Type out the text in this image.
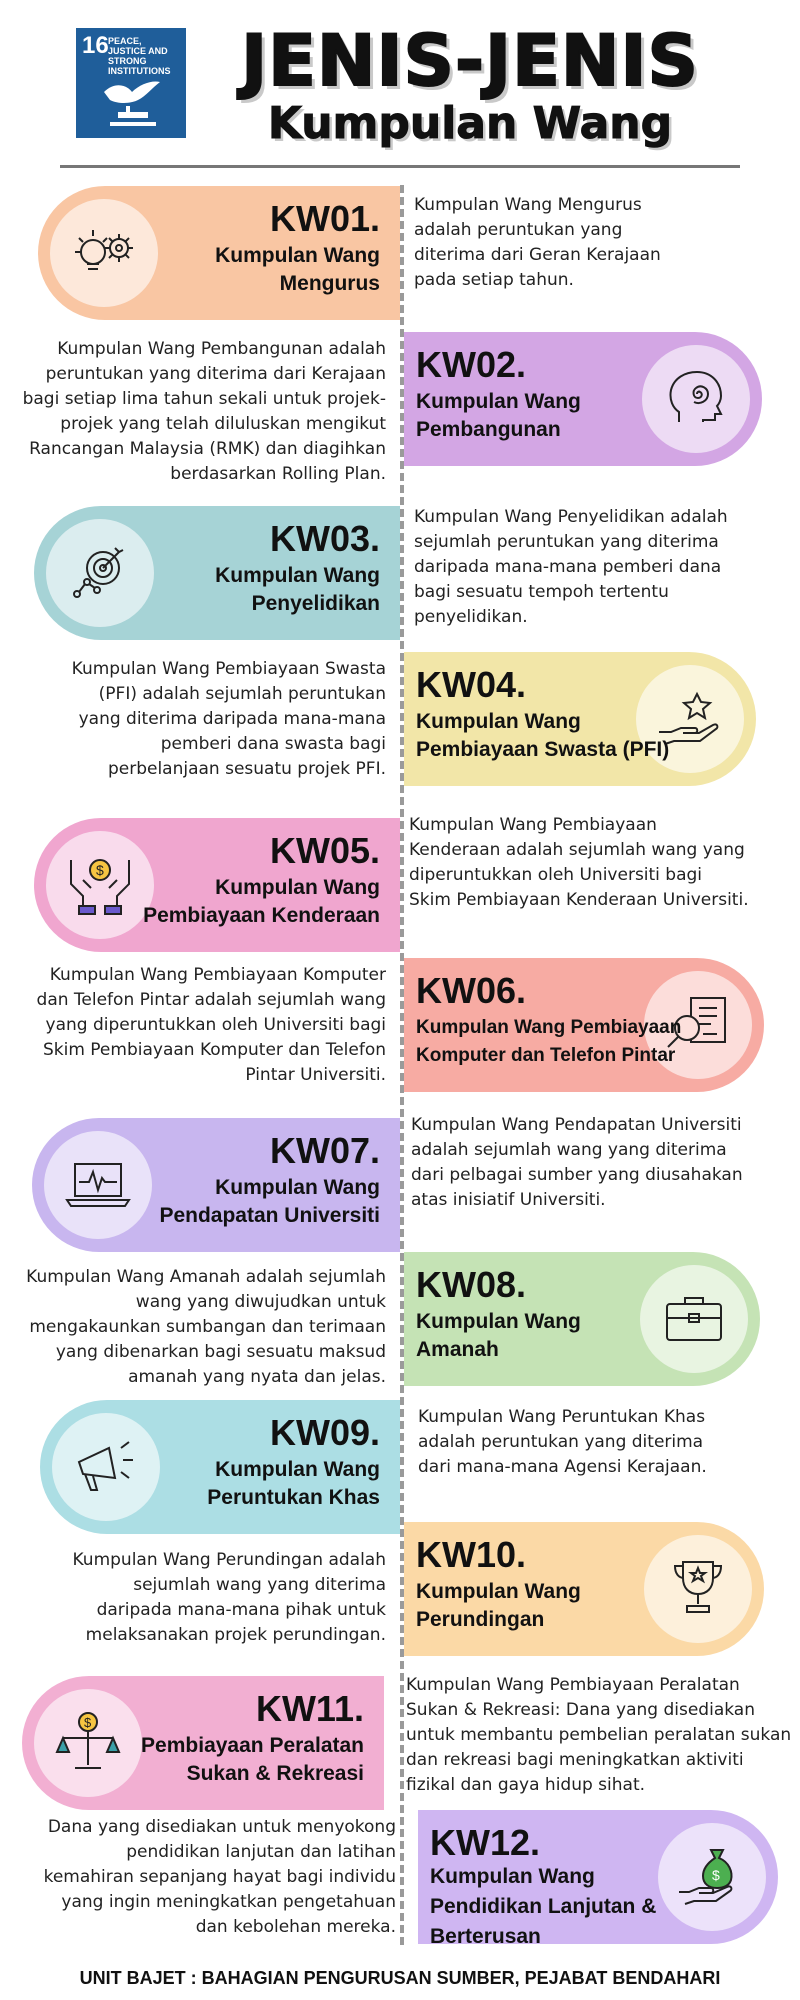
16 PEACE, JUSTICE AND STRONG INSTITUTIONS	JENIS-JENIS
Kumpulan Wang
KW01.
Kumpulan Wang
Mengurus
Kumpulan Wang Mengurus adalah peruntukan yang diterima dari Geran Kerajaan pada setiap tahun.
KW02.
Kumpulan Wang
Pembangunan
Kumpulan Wang Pembangunan adalah peruntukan yang diterima dari Kerajaan bagi setiap lima tahun sekali untuk projek-projek yang telah diluluskan mengikut Rancangan Malaysia (RMK) dan diagihkan berdasarkan Rolling Plan.
KW03.
Kumpulan Wang
Penyelidikan
Kumpulan Wang Penyelidikan adalah sejumlah peruntukan yang diterima daripada mana-mana pemberi dana bagi sesuatu tempoh tertentu penyelidikan.
KW04.
Kumpulan Wang
Pembiayaan Swasta (PFI)
Kumpulan Wang Pembiayaan Swasta (PFI) adalah sejumlah peruntukan yang diterima daripada mana-mana pemberi dana swasta bagi perbelanjaan sesuatu projek PFI.
$	KW05.
Kumpulan Wang
Pembiayaan Kenderaan
Kumpulan Wang Pembiayaan Kenderaan adalah sejumlah wang yang diperuntukkan oleh Universiti bagi Skim Pembiayaan Kenderaan Universiti.
KW06.
Kumpulan Wang Pembiayaan
Komputer dan Telefon Pintar
Kumpulan Wang Pembiayaan Komputer dan Telefon Pintar adalah sejumlah wang yang diperuntukkan oleh Universiti bagi Skim Pembiayaan Komputer dan Telefon Pintar Universiti.
KW07.
Kumpulan Wang
Pendapatan Universiti
Kumpulan Wang Pendapatan Universiti adalah sejumlah wang yang diterima dari pelbagai sumber yang diusahakan atas inisiatif Universiti.
KW08.
Kumpulan Wang
Amanah
Kumpulan Wang Amanah adalah sejumlah wang yang diwujudkan untuk mengakaunkan sumbangan dan terimaan yang dibenarkan bagi sesuatu maksud amanah yang nyata dan jelas.
KW09.
Kumpulan Wang
Peruntukan Khas
Kumpulan Wang Peruntukan Khas adalah peruntukan yang diterima dari mana-mana Agensi Kerajaan.
KW10.
Kumpulan Wang
Perundingan
Kumpulan Wang Perundingan adalah sejumlah wang yang diterima daripada mana-mana pihak untuk melaksanakan projek perundingan.
$	KW11.
Pembiayaan Peralatan
Sukan & Rekreasi
Kumpulan Wang Pembiayaan Peralatan Sukan & Rekreasi: Dana yang disediakan untuk membantu pembelian peralatan sukan dan rekreasi bagi meningkatkan aktiviti fizikal dan gaya hidup sihat.
$
KW12.
Kumpulan Wang
Pendidikan Lanjutan &
Berterusan
Dana yang disediakan untuk menyokong pendidikan lanjutan dan latihan kemahiran sepanjang hayat bagi individu yang ingin meningkatkan pengetahuan dan kebolehan mereka.
UNIT BAJET : BAHAGIAN PENGURUSAN SUMBER, PEJABAT BENDAHARI
